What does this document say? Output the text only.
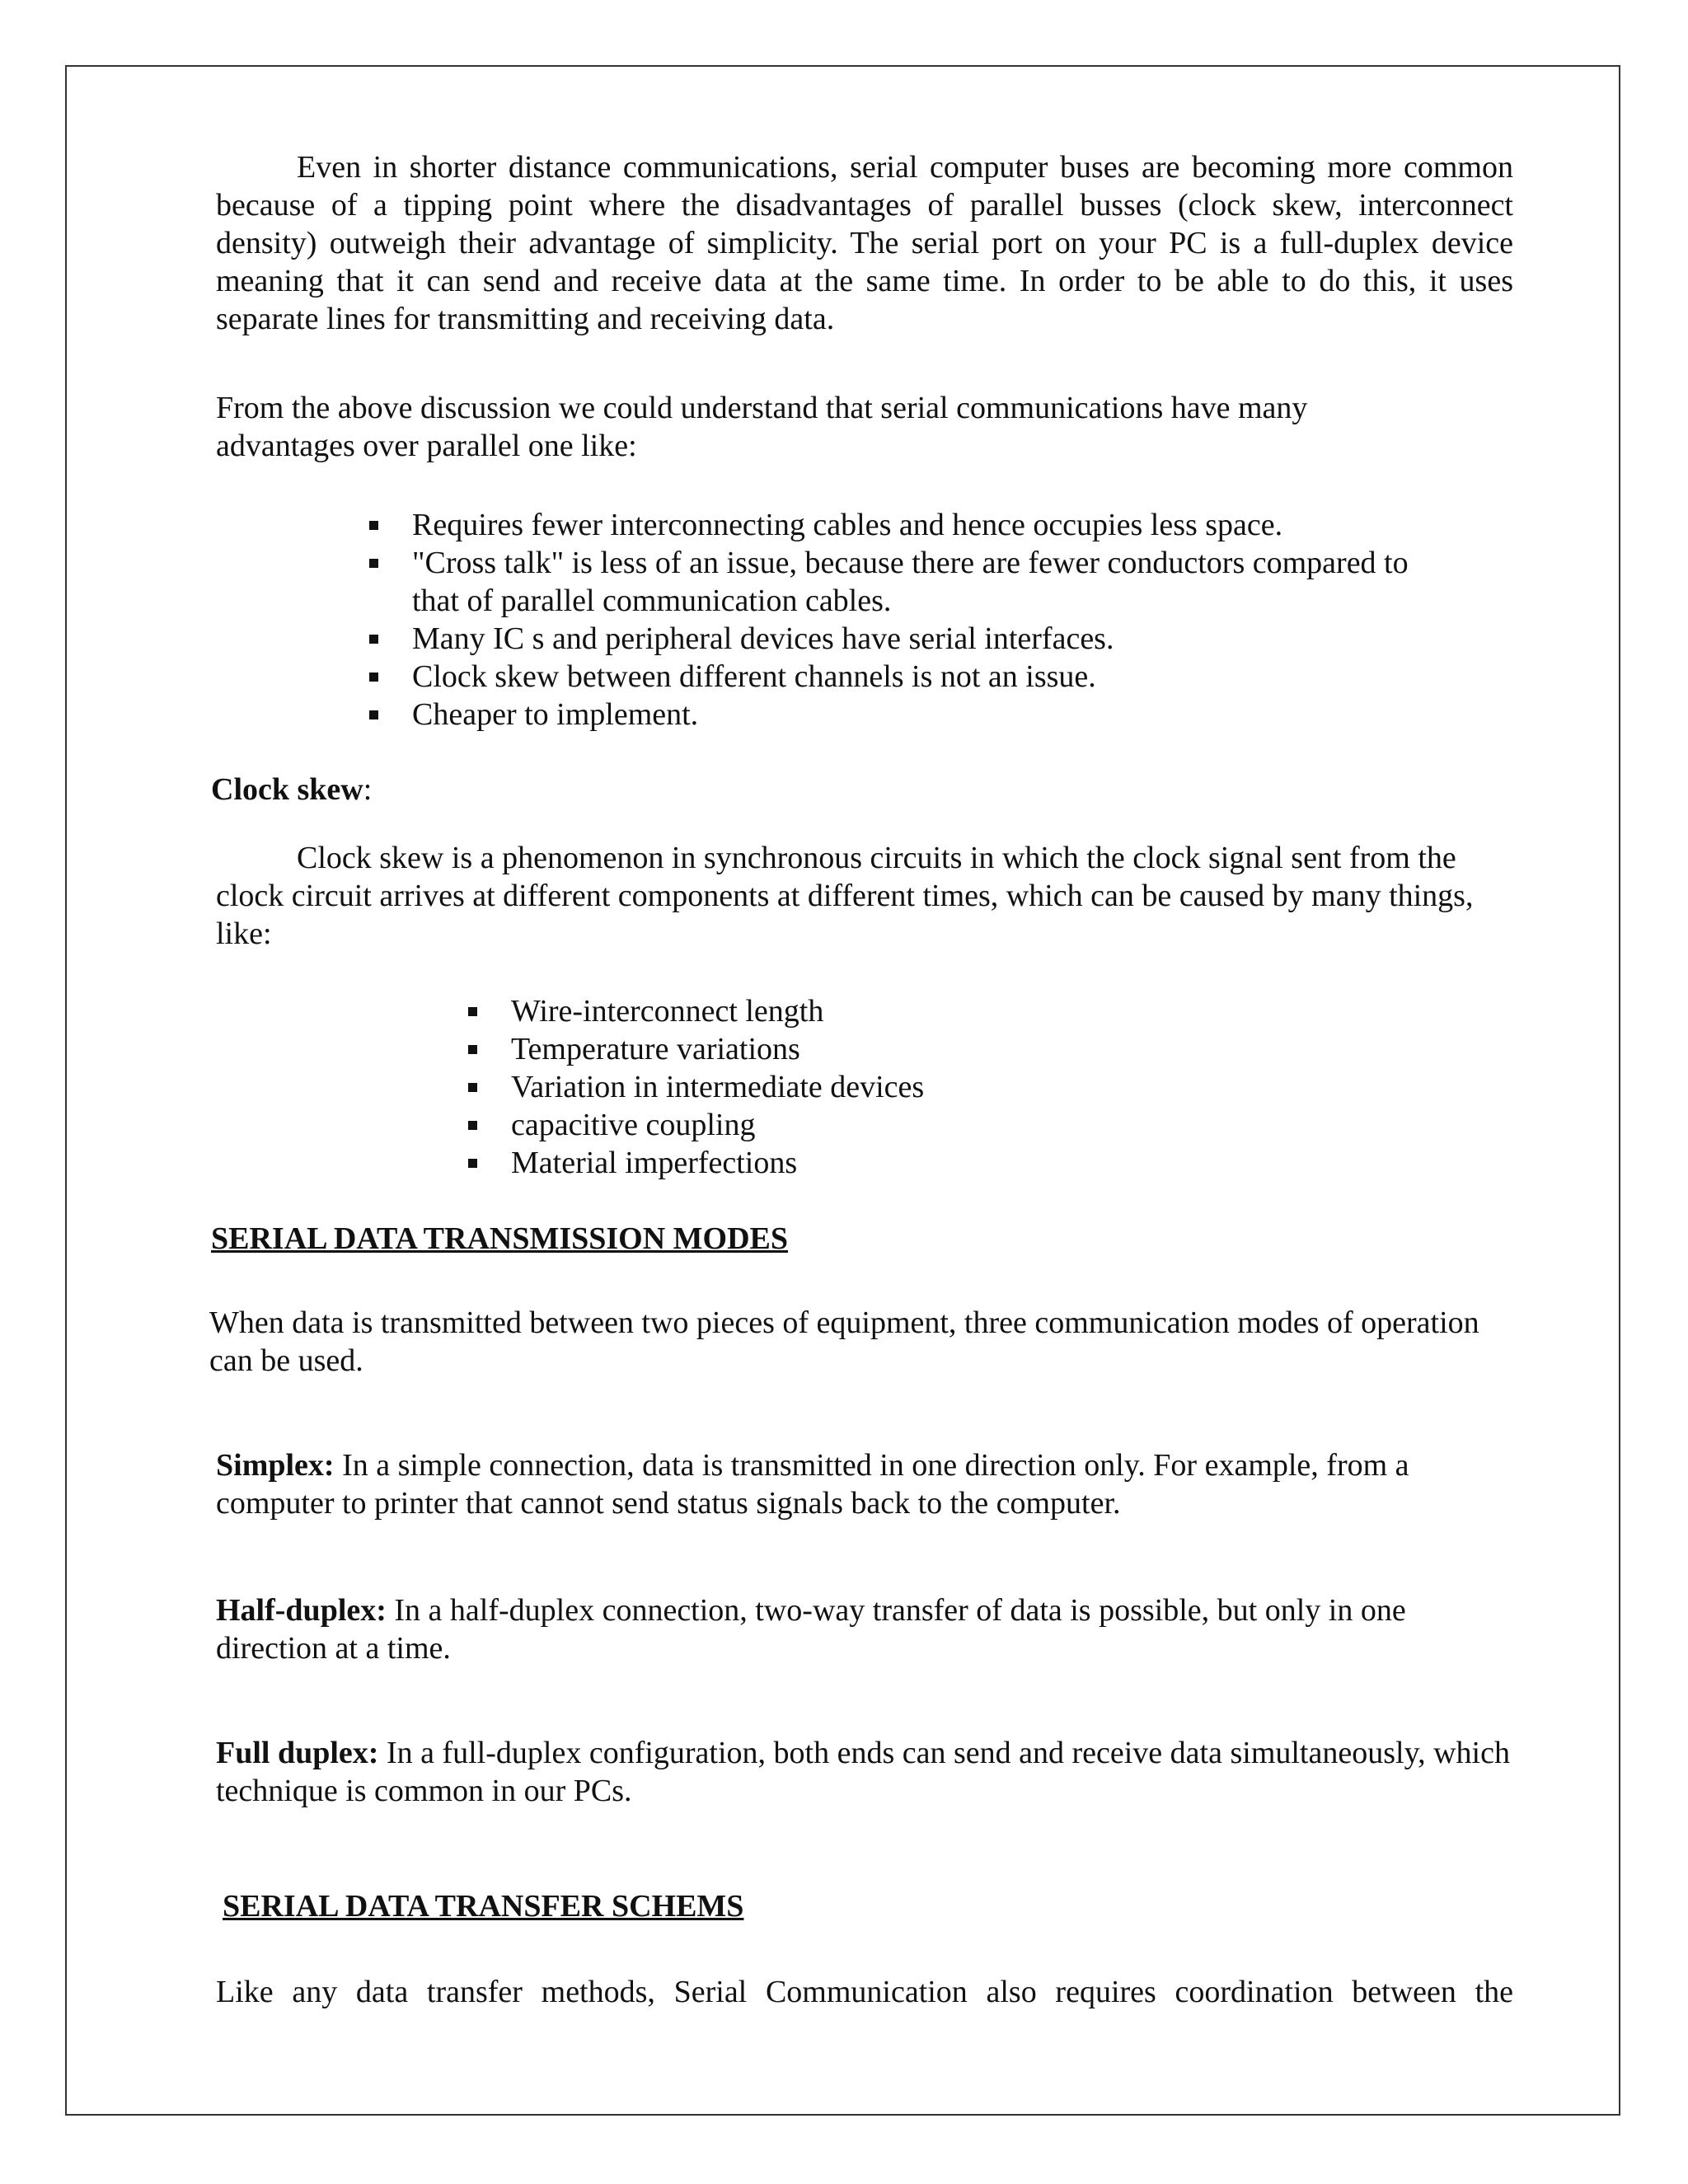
Even in shorter distance communications, serial computer buses are becoming more common because of a tipping point where the disadvantages of parallel busses (clock skew, interconnect density) outweigh their advantage of simplicity. The serial port on your PC is a full-duplex device meaning that it can send and receive data at the same time. In order to be able to do this, it uses separate lines for transmitting and receiving data.

From the above discussion we could understand that serial communications have many advantages over parallel one like:

Requires fewer interconnecting cables and hence occupies less space.
"Cross talk" is less of an issue, because there are fewer conductors compared to that of parallel communication cables.
Many IC s and peripheral devices have serial interfaces.
Clock skew between different channels is not an issue.
Cheaper to implement.

Clock skew:

Clock skew is a phenomenon in synchronous circuits in which the clock signal sent from the clock circuit arrives at different components at different times, which can be caused by many things, like:

Wire-interconnect length
Temperature variations
Variation in intermediate devices
capacitive coupling
Material imperfections

SERIAL DATA TRANSMISSION MODES

When data is transmitted between two pieces of equipment, three communication modes of operation can be used.

Simplex: In a simple connection, data is transmitted in one direction only. For example, from a computer to printer that cannot send status signals back to the computer.

Half-duplex: In a half-duplex connection, two-way transfer of data is possible, but only in one direction at a time.

Full duplex: In a full-duplex configuration, both ends can send and receive data simultaneously, which technique is common in our PCs.

SERIAL DATA TRANSFER SCHEMS

Like any data transfer methods, Serial Communication also requires coordination between the
